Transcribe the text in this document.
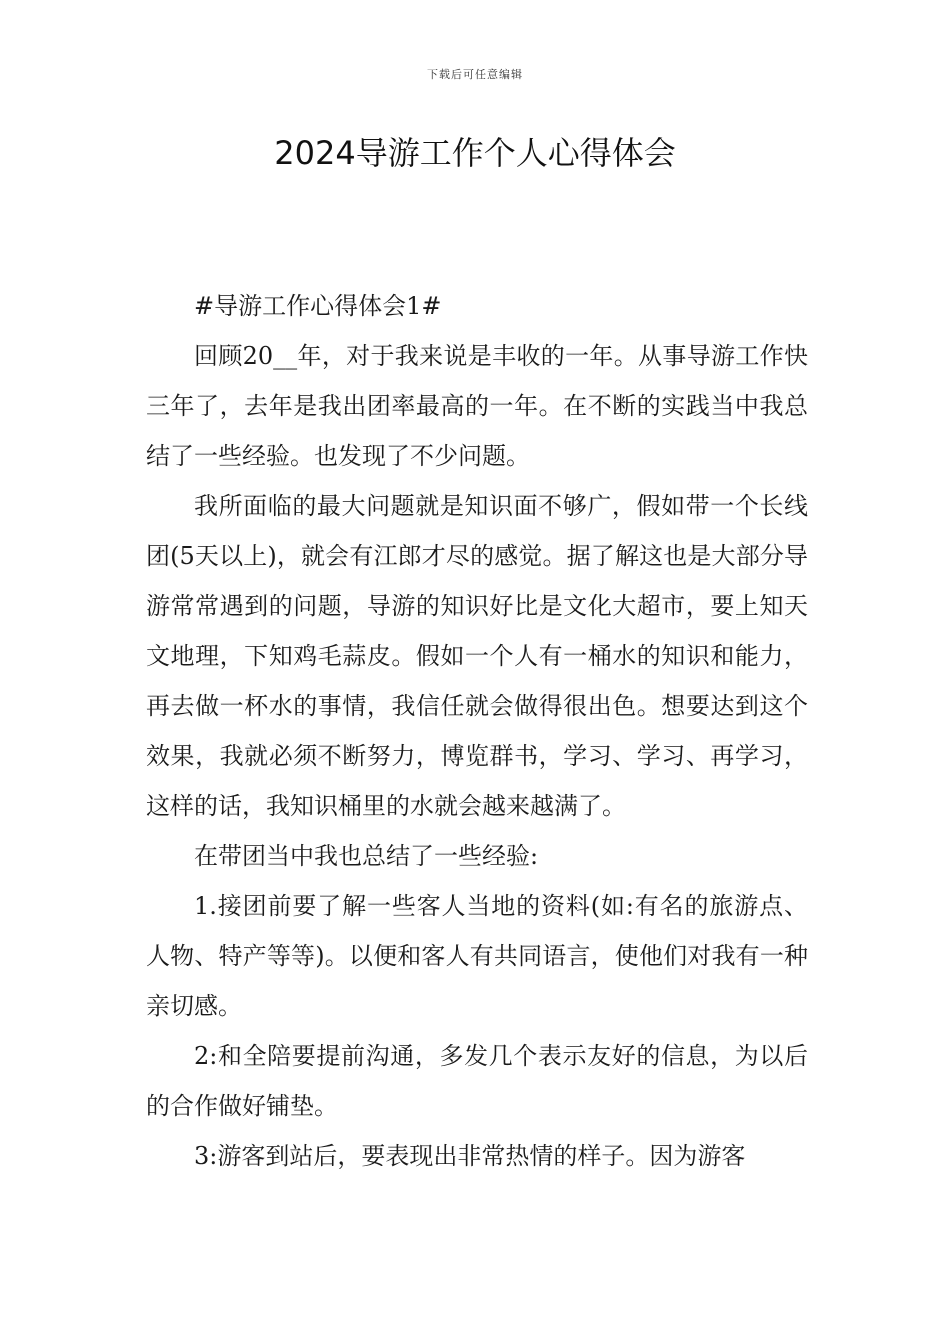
下载后可任意编辑
2024导游工作个人心得体会

#导游工作心得体会1#

回顾20__年，对于我来说是丰收的一年。从事导游工作快三年了，去年是我出团率最高的一年。在不断的实践当中我总结了一些经验。也发现了不少问题。

我所面临的最大问题就是知识面不够广，假如带一个长线团(5天以上)，就会有江郎才尽的感觉。据了解这也是大部分导游常常遇到的问题，导游的知识好比是文化大超市，要上知天文地理，下知鸡毛蒜皮。假如一个人有一桶水的知识和能力，再去做一杯水的事情，我信任就会做得很出色。想要达到这个效果，我就必须不断努力，博览群书，学习、学习、再学习，这样的话，我知识桶里的水就会越来越满了。

在带团当中我也总结了一些经验:

1.接团前要了解一些客人当地的资料(如:有名的旅游点、人物、特产等等)。以便和客人有共同语言，使他们对我有一种亲切感。

2:和全陪要提前沟通，多发几个表示友好的信息，为以后的合作做好铺垫。

3:游客到站后，要表现出非常热情的样子。因为游客
